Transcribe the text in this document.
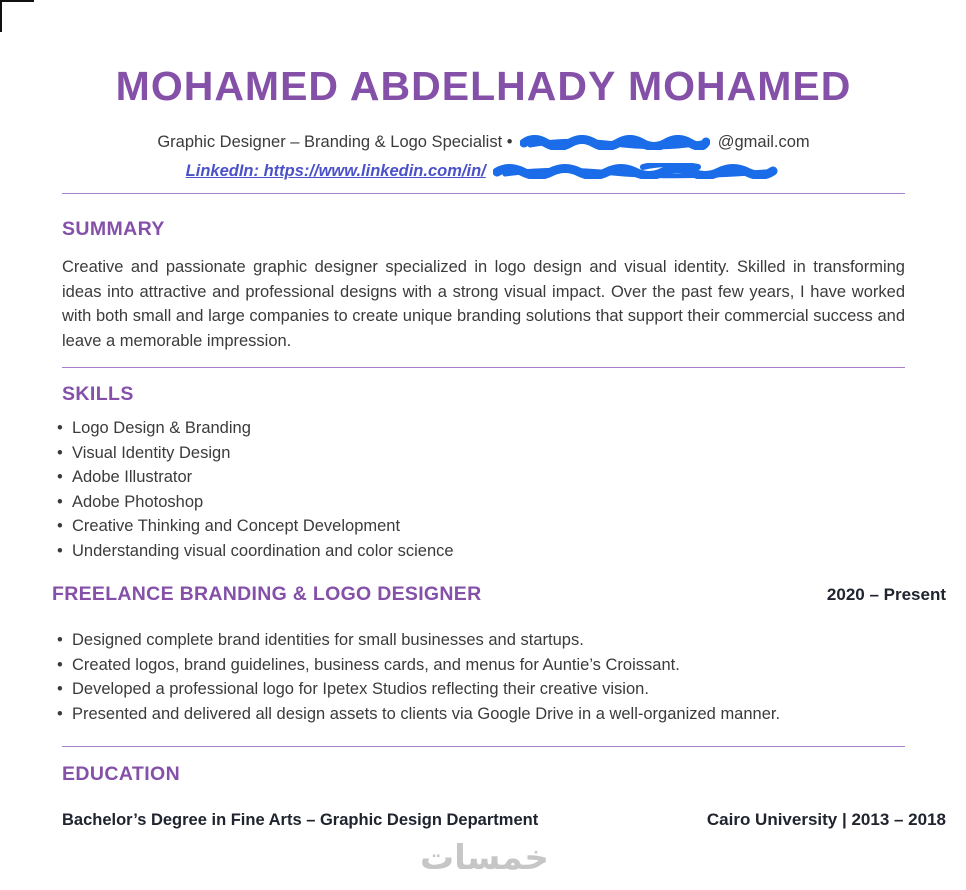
MOHAMED ABDELHADY MOHAMED
Graphic Designer – Branding & Logo Specialist •	@gmail.com
LinkedIn: https://www.linkedin.com/in/
SUMMARY

Creative and passionate graphic designer specialized in logo design and visual identity. Skilled in transforming ideas into attractive and professional designs with a strong visual impact. Over the past few years, I have worked with both small and large companies to create unique branding solutions that support their commercial success and leave a memorable impression.

SKILLS
• Logo Design & Branding
• Visual Identity Design
• Adobe Illustrator
• Adobe Photoshop
• Creative Thinking and Concept Development
• Understanding visual coordination and color science
FREELANCE BRANDING & LOGO DESIGNER	2020 – Present
• Designed complete brand identities for small businesses and startups.
• Created logos, brand guidelines, business cards, and menus for Auntie’s Croissant.
• Developed a professional logo for Ipetex Studios reflecting their creative vision.
• Presented and delivered all design assets to clients via Google Drive in a well-organized manner.
EDUCATION
Bachelor’s Degree in Fine Arts – Graphic Design Department	Cairo University | 2013 – 2018
خمسات
